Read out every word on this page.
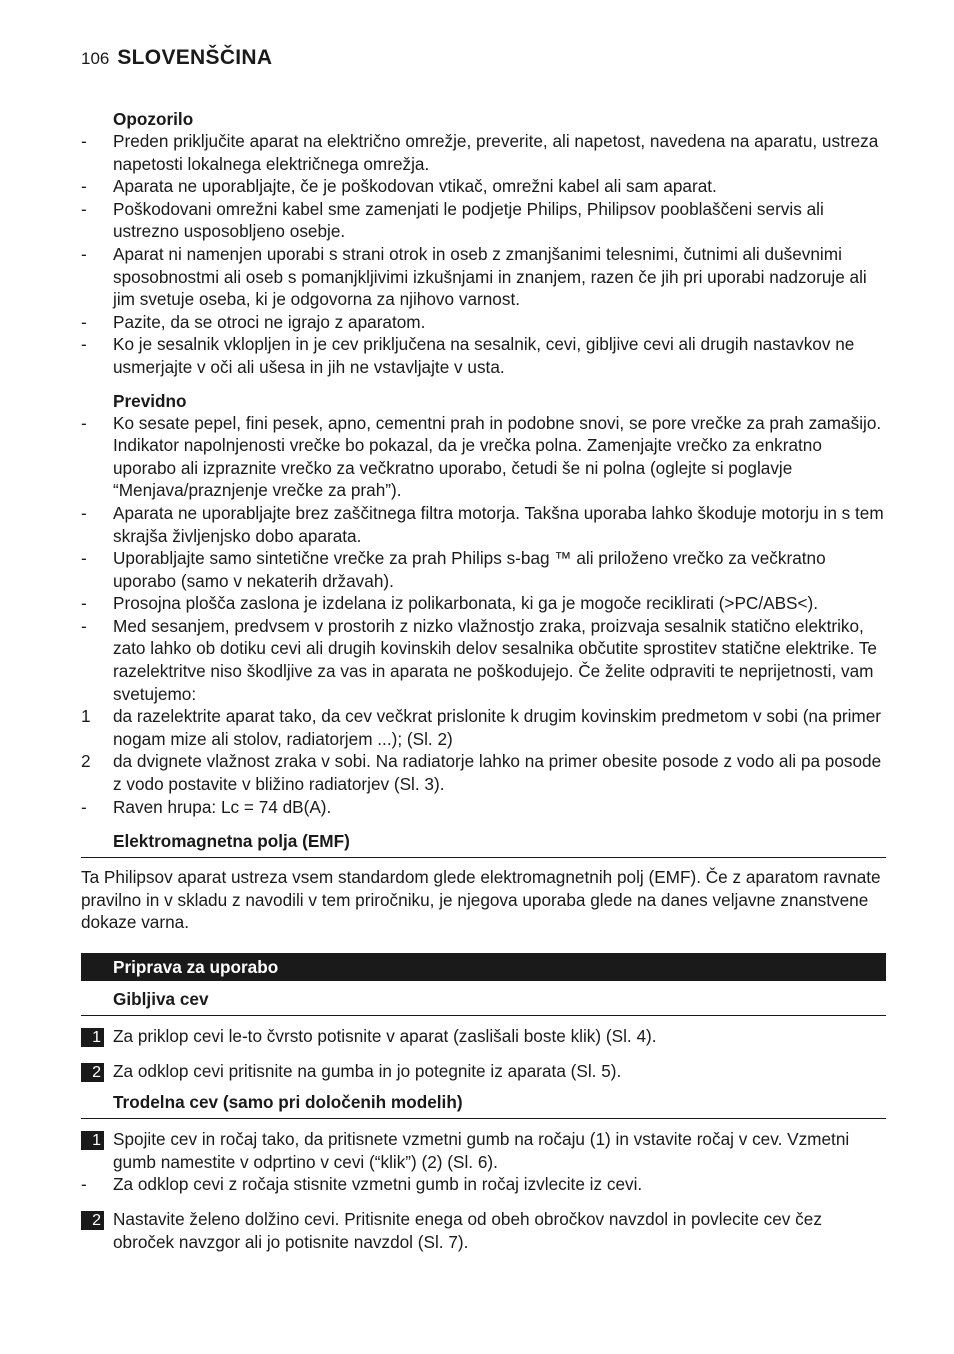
106 SLOVENŠČINA
Opozorilo
-	Preden priključite aparat na električno omrežje, preverite, ali napetost, navedena na aparatu, ustreza napetosti lokalnega električnega omrežja.
-	Aparata ne uporabljajte, če je poškodovan vtikač, omrežni kabel ali sam aparat.
-	Poškodovani omrežni kabel sme zamenjati le podjetje Philips, Philipsov pooblaščeni servis ali ustrezno usposobljeno osebje.
-	Aparat ni namenjen uporabi s strani otrok in oseb z zmanjšanimi telesnimi, čutnimi ali duševnimi sposobnostmi ali oseb s pomanjkljivimi izkušnjami in znanjem, razen če jih pri uporabi nadzoruje ali jim svetuje oseba, ki je odgovorna za njihovo varnost.
-	Pazite, da se otroci ne igrajo z aparatom.
-	Ko je sesalnik vklopljen in je cev priključena na sesalnik, cevi, gibljive cevi ali drugih nastavkov ne usmerjajte v oči ali ušesa in jih ne vstavljajte v usta.
Previdno
-	Ko sesate pepel, fini pesek, apno, cementni prah in podobne snovi, se pore vrečke za prah zamašijo. Indikator napolnjenosti vrečke bo pokazal, da je vrečka polna. Zamenjajte vrečko za enkratno uporabo ali izpraznite vrečko za večkratno uporabo, četudi še ni polna (oglejte si poglavje “Menjava/praznjenje vrečke za prah”).
-	Aparata ne uporabljajte brez zaščitnega filtra motorja. Takšna uporaba lahko škoduje motorju in s tem skrajša življenjsko dobo aparata.
-	Uporabljajte samo sintetične vrečke za prah Philips s-bag ™ ali priloženo vrečko za večkratno uporabo (samo v nekaterih državah).
-	Prosojna plošča zaslona je izdelana iz polikarbonata, ki ga je mogoče reciklirati (>PC/ABS<).
-	Med sesanjem, predvsem v prostorih z nizko vlažnostjo zraka, proizvaja sesalnik statično elektriko, zato lahko ob dotiku cevi ali drugih kovinskih delov sesalnika občutite sprostitev statične elektrike. Te razelektritve niso škodljive za vas in aparata ne poškodujejo. Če želite odpraviti te neprijetnosti, vam svetujemo:
1	da razelektrite aparat tako, da cev večkrat prislonite k drugim kovinskim predmetom v sobi (na primer nogam mize ali stolov, radiatorjem ...); (Sl. 2)
2	da dvignete vlažnost zraka v sobi. Na radiatorje lahko na primer obesite posode z vodo ali pa posode z vodo postavite v bližino radiatorjev (Sl. 3).
-	Raven hrupa: Lc = 74 dB(A).
Elektromagnetna polja (EMF)
Ta Philipsov aparat ustreza vsem standardom glede elektromagnetnih polj (EMF). Če z aparatom ravnate pravilno in v skladu z navodili v tem priročniku, je njegova uporaba glede na danes veljavne znanstvene dokaze varna.
Priprava za uporabo
Gibljiva cev
1 Za priklop cevi le-to čvrsto potisnite v aparat (zaslišali boste klik) (Sl. 4).
2 Za odklop cevi pritisnite na gumba in jo potegnite iz aparata (Sl. 5).
Trodelna cev (samo pri določenih modelih)
1 Spojite cev in ročaj tako, da pritisnete vzmetni gumb na ročaju (1) in vstavite ročaj v cev. Vzmetni gumb namestite v odprtino v cevi (“klik”) (2) (Sl. 6).
-	Za odklop cevi z ročaja stisnite vzmetni gumb in ročaj izvlecite iz cevi.
2 Nastavite želeno dolžino cevi. Pritisnite enega od obeh obročkov navzdol in povlecite cev čez obroček navzgor ali jo potisnite navzdol (Sl. 7).
